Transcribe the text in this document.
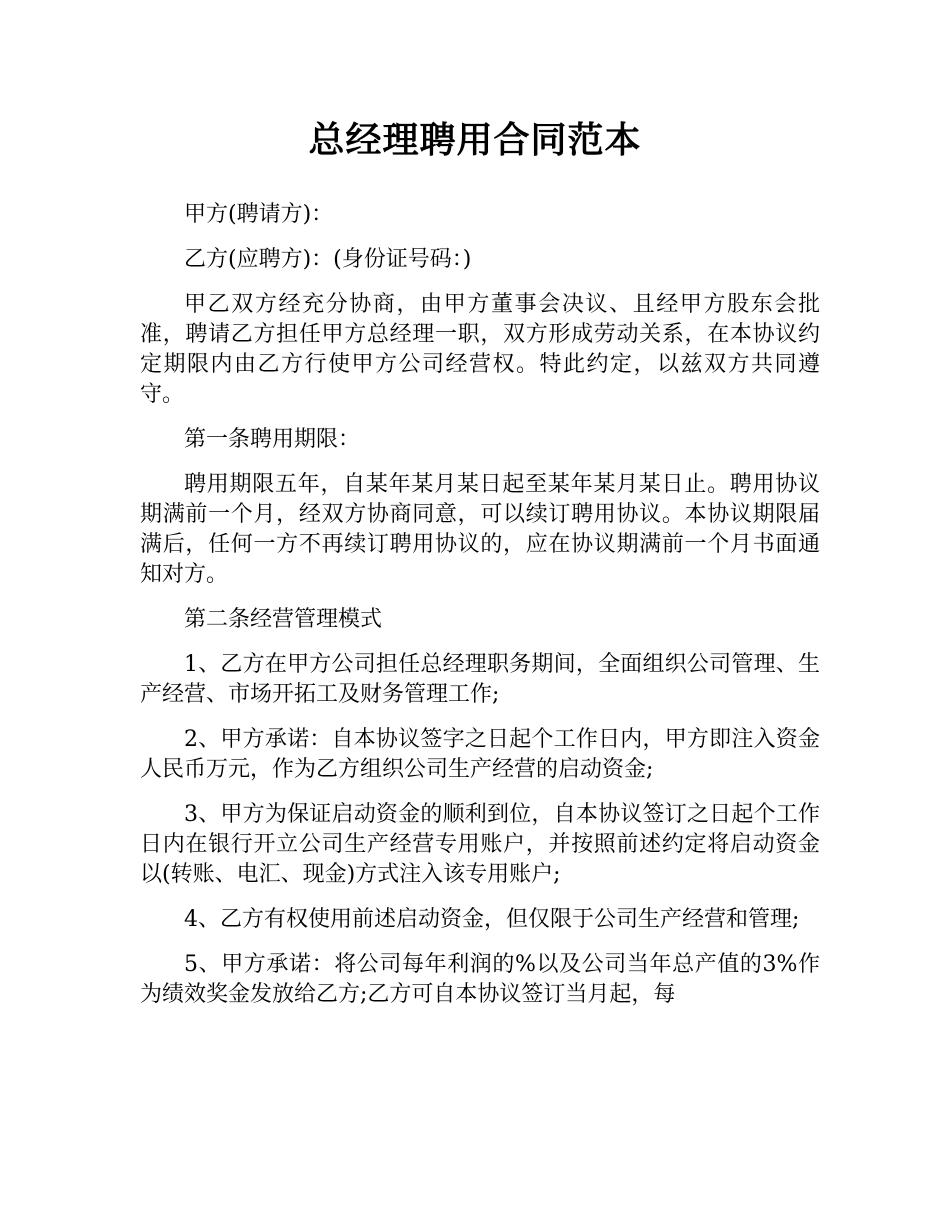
总经理聘用合同范本

甲方(聘请方)：

乙方(应聘方)：(身份证号码：)

甲乙双方经充分协商，由甲方董事会决议、且经甲方股东会批准，聘请乙方担任甲方总经理一职，双方形成劳动关系，在本协议约定期限内由乙方行使甲方公司经营权。特此约定，以兹双方共同遵守。

第一条聘用期限：

聘用期限五年，自某年某月某日起至某年某月某日止。聘用协议期满前一个月，经双方协商同意，可以续订聘用协议。本协议期限届满后，任何一方不再续订聘用协议的，应在协议期满前一个月书面通知对方。

第二条经营管理模式

1、乙方在甲方公司担任总经理职务期间，全面组织公司管理、生产经营、市场开拓工及财务管理工作;

2、甲方承诺：自本协议签字之日起个工作日内，甲方即注入资金人民币万元，作为乙方组织公司生产经营的启动资金;

3、甲方为保证启动资金的顺利到位，自本协议签订之日起个工作日内在银行开立公司生产经营专用账户，并按照前述约定将启动资金以(转账、电汇、现金)方式注入该专用账户;

4、乙方有权使用前述启动资金，但仅限于公司生产经营和管理;

5、甲方承诺：将公司每年利润的%以及公司当年总产值的3%作为绩效奖金发放给乙方;乙方可自本协议签订当月起，每
